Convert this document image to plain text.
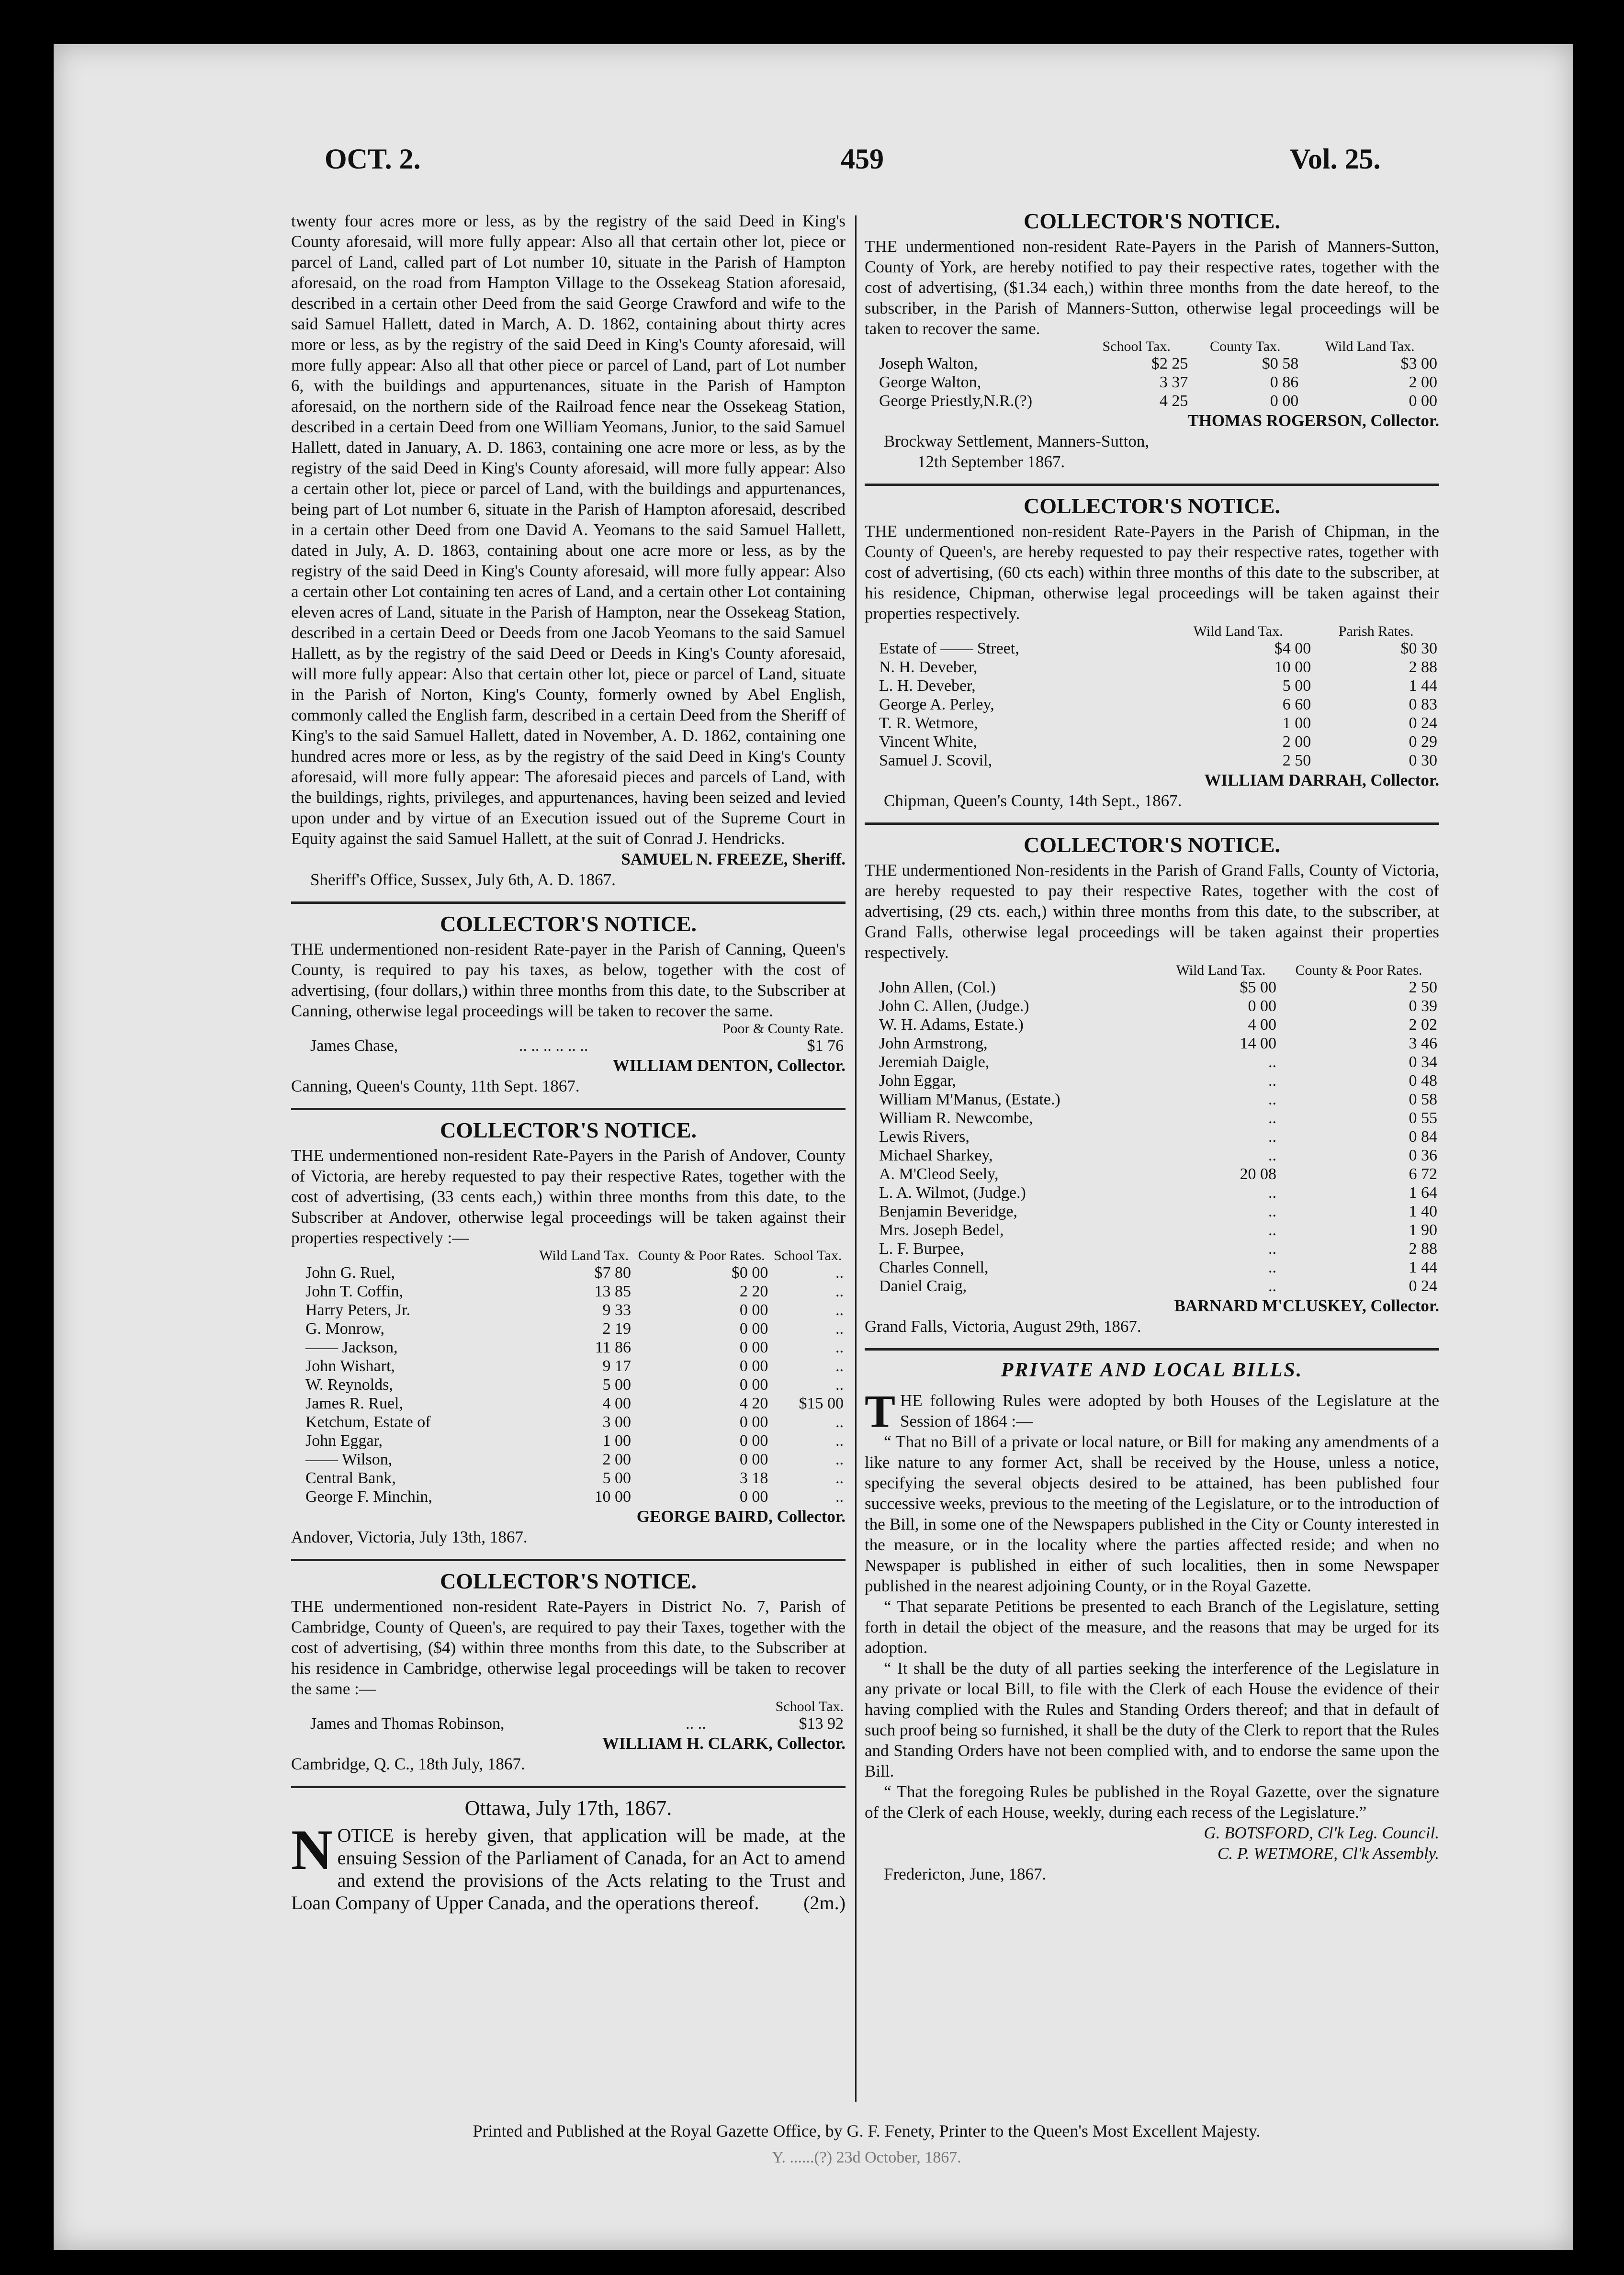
OCT. 2.	459	Vol. 25.

twenty four acres more or less, as by the registry of the said Deed in King's County aforesaid, will more fully appear: Also all that certain other lot, piece or parcel of Land, called part of Lot number 10, situate in the Parish of Hampton aforesaid, on the road from Hampton Village to the Ossekeag Station aforesaid, described in a certain other Deed from the said George Crawford and wife to the said Samuel Hallett, dated in March, A. D. 1862, containing about thirty acres more or less, as by the registry of the said Deed in King's County aforesaid, will more fully appear: Also all that other piece or parcel of Land, part of Lot number 6, with the buildings and appurtenances, situate in the Parish of Hampton aforesaid, on the northern side of the Railroad fence near the Ossekeag Station, described in a certain Deed from one William Yeomans, Junior, to the said Samuel Hallett, dated in January, A. D. 1863, containing one acre more or less, as by the registry of the said Deed in King's County aforesaid, will more fully appear: Also a certain other lot, piece or parcel of Land, with the buildings and appurtenances, being part of Lot number 6, situate in the Parish of Hampton aforesaid, described in a certain other Deed from one David A. Yeomans to the said Samuel Hallett, dated in July, A. D. 1863, containing about one acre more or less, as by the registry of the said Deed in King's County aforesaid, will more fully appear: Also a certain other Lot containing ten acres of Land, and a certain other Lot containing eleven acres of Land, situate in the Parish of Hampton, near the Ossekeag Station, described in a certain Deed or Deeds from one Jacob Yeomans to the said Samuel Hallett, as by the registry of the said Deed or Deeds in King's County aforesaid, will more fully appear: Also that certain other lot, piece or parcel of Land, situate in the Parish of Norton, King's County, formerly owned by Abel English, commonly called the English farm, described in a certain Deed from the Sheriff of King's to the said Samuel Hallett, dated in November, A. D. 1862, containing one hundred acres more or less, as by the registry of the said Deed in King's County aforesaid, will more fully appear: The aforesaid pieces and parcels of Land, with the buildings, rights, privileges, and appurtenances, having been seized and levied upon under and by virtue of an Execution issued out of the Supreme Court in Equity against the said Samuel Hallett, at the suit of Conrad J. Hendricks.

SAMUEL N. FREEZE, Sheriff.

Sheriff's Office, Sussex, July 6th, A. D. 1867.

COLLECTOR'S NOTICE.

THE undermentioned non-resident Rate-payer in the Parish of Canning, Queen's County, is required to pay his taxes, as below, together with the cost of advertising, (four dollars,) within three months from this date, to the Subscriber at Canning, otherwise legal proceedings will be taken to recover the same.

		Poor & County Rate.
James Chase,	.. .. .. .. .. ..	$1 76

WILLIAM DENTON, Collector.

Canning, Queen's County, 11th Sept. 1867.

COLLECTOR'S NOTICE.

THE undermentioned non-resident Rate-Payers in the Parish of Andover, County of Victoria, are hereby requested to pay their respective Rates, together with the cost of advertising, (33 cents each,) within three months from this date, to the Subscriber at Andover, otherwise legal proceedings will be taken against their properties respectively :—

	Wild Land Tax.	County & Poor Rates.	School Tax.
John G. Ruel,	$7 80	$0 00	..
John T. Coffin,	13 85	2 20	..
Harry Peters, Jr.	9 33	0 00	..
G. Monrow,	2 19	0 00	..
—— Jackson,	11 86	0 00	..
John Wishart,	9 17	0 00	..
W. Reynolds,	5 00	0 00	..
James R. Ruel,	4 00	4 20	$15 00
Ketchum, Estate of	3 00	0 00	..
John Eggar,	1 00	0 00	..
—— Wilson,	2 00	0 00	..
Central Bank,	5 00	3 18	..
George F. Minchin,	10 00	0 00	..

GEORGE BAIRD, Collector.

Andover, Victoria, July 13th, 1867.

COLLECTOR'S NOTICE.

THE undermentioned non-resident Rate-Payers in District No. 7, Parish of Cambridge, County of Queen's, are required to pay their Taxes, together with the cost of advertising, ($4) within three months from this date, to the Subscriber at his residence in Cambridge, otherwise legal proceedings will be taken to recover the same :—

		School Tax.
James and Thomas Robinson,	.. ..	$13 92

WILLIAM H. CLARK, Collector.

Cambridge, Q. C., 18th July, 1867.

Ottawa, July 17th, 1867.

NOTICE is hereby given, that application will be made, at the ensuing Session of the Parliament of Canada, for an Act to amend and extend the provisions of the Acts relating to the Trust and Loan Company of Upper Canada, and the operations thereof. (2m.)

COLLECTOR'S NOTICE.

THE undermentioned non-resident Rate-Payers in the Parish of Manners-Sutton, County of York, are hereby notified to pay their respective rates, together with the cost of advertising, ($1.34 each,) within three months from the date hereof, to the subscriber, in the Parish of Manners-Sutton, otherwise legal proceedings will be taken to recover the same.

	School Tax.	County Tax.	Wild Land Tax.
Joseph Walton,	$2 25	$0 58	$3 00
George Walton,	3 37	0 86	2 00
George Priestly,N.R.(?)	4 25	0 00	0 00

THOMAS ROGERSON, Collector.

Brockway Settlement, Manners-Sutton,

12th September 1867.

COLLECTOR'S NOTICE.

THE undermentioned non-resident Rate-Payers in the Parish of Chipman, in the County of Queen's, are hereby requested to pay their respective rates, together with cost of advertising, (60 cts each) within three months of this date to the subscriber, at his residence, Chipman, otherwise legal proceedings will be taken against their properties respectively.

	Wild Land Tax.	Parish Rates.
Estate of —— Street,	$4 00	$0 30
N. H. Deveber,	10 00	2 88
L. H. Deveber,	5 00	1 44
George A. Perley,	6 60	0 83
T. R. Wetmore,	1 00	0 24
Vincent White,	2 00	0 29
Samuel J. Scovil,	2 50	0 30

WILLIAM DARRAH, Collector.

Chipman, Queen's County, 14th Sept., 1867.

COLLECTOR'S NOTICE.

THE undermentioned Non-residents in the Parish of Grand Falls, County of Victoria, are hereby requested to pay their respective Rates, together with the cost of advertising, (29 cts. each,) within three months from this date, to the subscriber, at Grand Falls, otherwise legal proceedings will be taken against their properties respectively.

	Wild Land Tax.	County & Poor Rates.
John Allen, (Col.)	$5 00	2 50
John C. Allen, (Judge.)	0 00	0 39
W. H. Adams, Estate.)	4 00	2 02
John Armstrong,	14 00	3 46
Jeremiah Daigle,	..	0 34
John Eggar,	..	0 48
William M'Manus, (Estate.)	..	0 58
William R. Newcombe,	..	0 55
Lewis Rivers,	..	0 84
Michael Sharkey,	..	0 36
A. M'Cleod Seely,	20 08	6 72
L. A. Wilmot, (Judge.)	..	1 64
Benjamin Beveridge,	..	1 40
Mrs. Joseph Bedel,	..	1 90
L. F. Burpee,	..	2 88
Charles Connell,	..	1 44
Daniel Craig,	..	0 24

BARNARD M'CLUSKEY, Collector.

Grand Falls, Victoria, August 29th, 1867.

PRIVATE AND LOCAL BILLS.

THE following Rules were adopted by both Houses of the Legislature at the Session of 1864 :—

“ That no Bill of a private or local nature, or Bill for making any amendments of a like nature to any former Act, shall be received by the House, unless a notice, specifying the several objects desired to be attained, has been published four successive weeks, previous to the meeting of the Legislature, or to the introduction of the Bill, in some one of the Newspapers published in the City or County interested in the measure, or in the locality where the parties affected reside; and when no Newspaper is published in either of such localities, then in some Newspaper published in the nearest adjoining County, or in the Royal Gazette.

“ That separate Petitions be presented to each Branch of the Legislature, setting forth in detail the object of the measure, and the reasons that may be urged for its adoption.

“ It shall be the duty of all parties seeking the interference of the Legislature in any private or local Bill, to file with the Clerk of each House the evidence of their having complied with the Rules and Standing Orders thereof; and that in default of such proof being so furnished, it shall be the duty of the Clerk to report that the Rules and Standing Orders have not been complied with, and to endorse the same upon the Bill.

“ That the foregoing Rules be published in the Royal Gazette, over the signature of the Clerk of each House, weekly, during each recess of the Legislature.”

G. BOTSFORD, Cl'k Leg. Council.

C. P. WETMORE, Cl'k Assembly.

Fredericton, June, 1867.

Printed and Published at the Royal Gazette Office, by G. F. Fenety, Printer to the Queen's Most Excellent Majesty.
Y. ......(?) 23d October, 1867.
